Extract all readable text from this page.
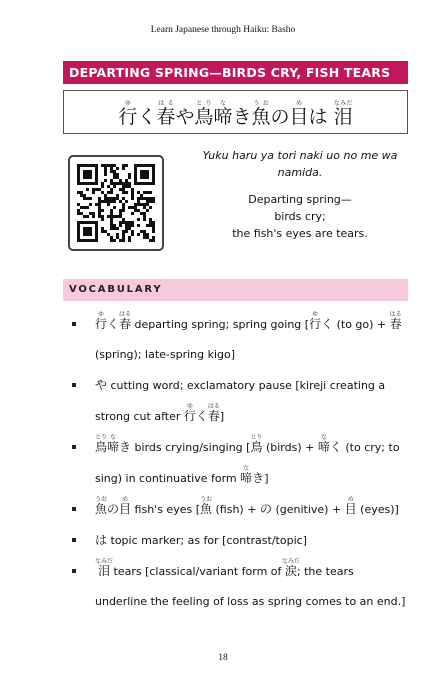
Learn Japanese through Haiku: Basho
DEPARTING SPRING—BIRDS CRY, FISH TEARS
行ゆく春はるや鳥とり啼なき魚うおの目めは 泪なみだ
Yuku haru ya tori naki uo no me wa namida.
Departing spring—
birds cry;
the fish's eyes are tears.
VOCABULARY
行ゆく春はる departing spring; spring going [行ゆく (to go) + 春はる (spring); late-spring kigo]
や cutting word; exclamatory pause [kireji creating a strong cut after 行ゆく春はる]
鳥とり啼なき birds crying/singing [鳥とり (birds) + 啼なく (to cry; to sing) in continuative form 啼なき]
魚うおの目め fish's eyes [魚うお (fish) + の (genitive) + 目め (eyes)]
は topic marker; as for [contrast/topic]
泪なみだ tears [classical/variant form of 涙なみだ; the tears underline the feeling of loss as spring comes to an end.]
18
